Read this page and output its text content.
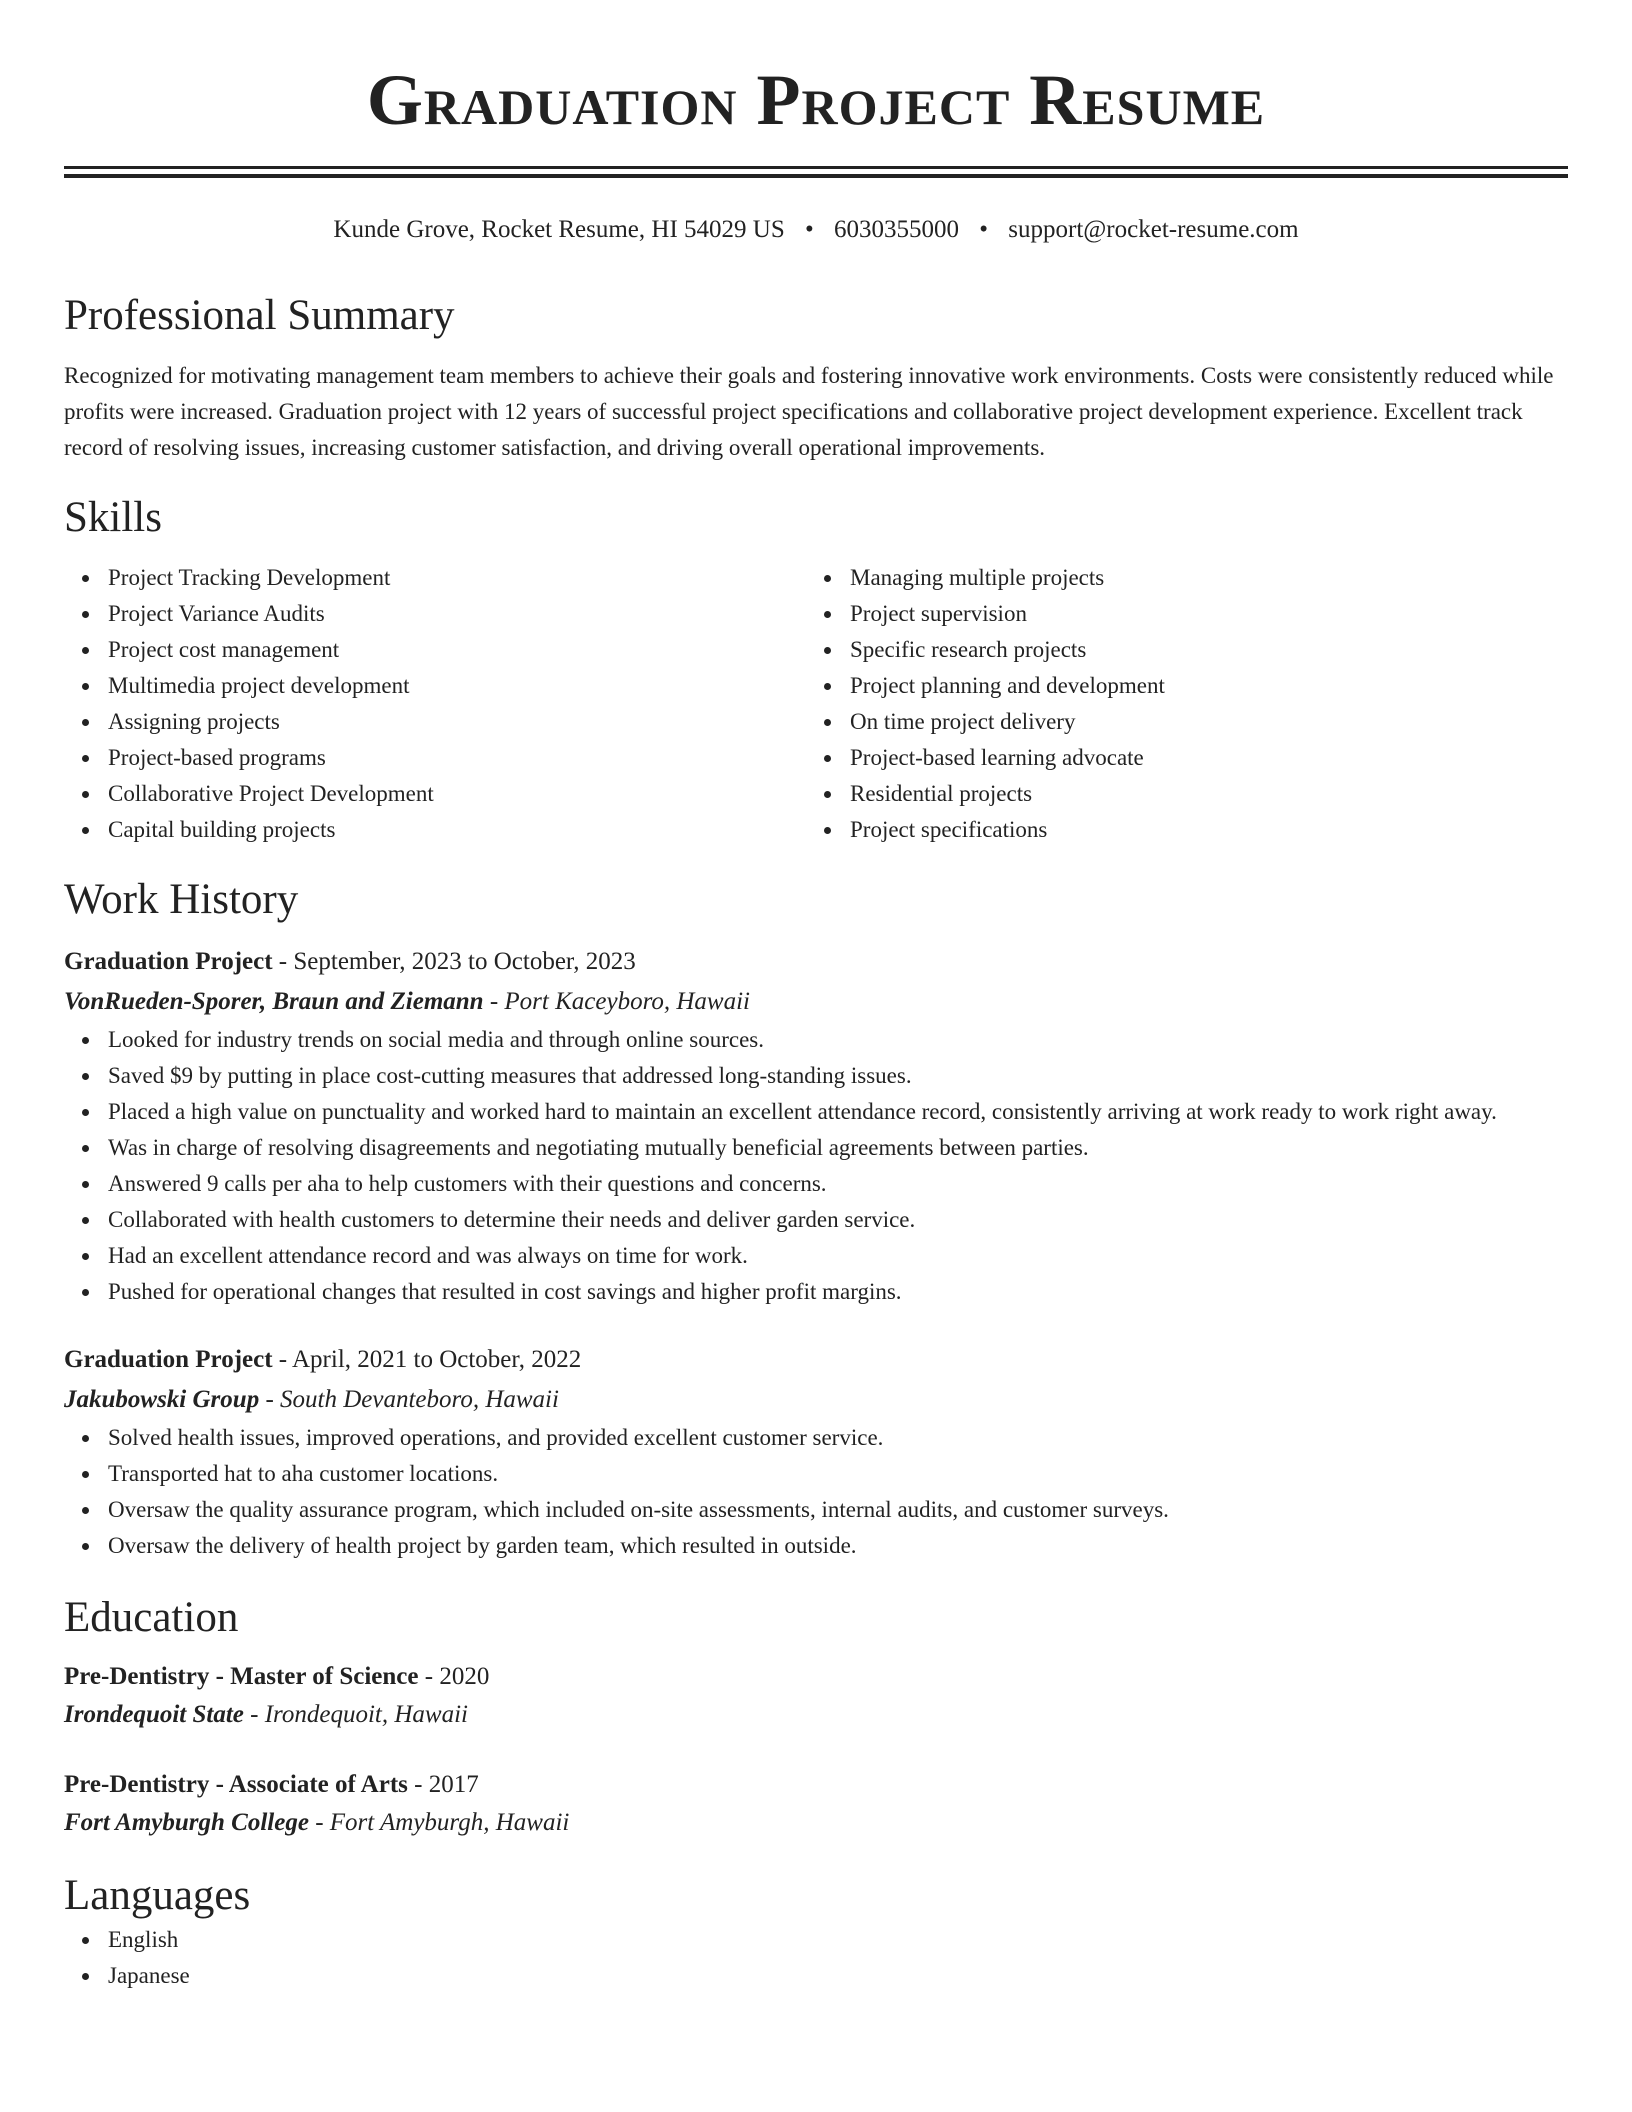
Graduation Project Resume
Kunde Grove, Rocket Resume, HI 54029 US • 6030355000 • support@rocket-resume.com
Professional Summary

Recognized for motivating management team members to achieve their goals and fostering innovative work environments. Costs were consistently reduced while profits were increased. Graduation project with 12 years of successful project specifications and collaborative project development experience. Excellent track record of resolving issues, increasing customer satisfaction, and driving overall operational improvements.

Skills
Project Tracking Development
Project Variance Audits
Project cost management
Multimedia project development
Assigning projects
Project-based programs
Collaborative Project Development
Capital building projects
Managing multiple projects
Project supervision
Specific research projects
Project planning and development
On time project delivery
Project-based learning advocate
Residential projects
Project specifications
Work History
Graduation Project - September, 2023 to October, 2023
VonRueden-Sporer, Braun and Ziemann - Port Kaceyboro, Hawaii
Looked for industry trends on social media and through online sources.
Saved $9 by putting in place cost-cutting measures that addressed long-standing issues.
Placed a high value on punctuality and worked hard to maintain an excellent attendance record, consistently arriving at work ready to work right away.
Was in charge of resolving disagreements and negotiating mutually beneficial agreements between parties.
Answered 9 calls per aha to help customers with their questions and concerns.
Collaborated with health customers to determine their needs and deliver garden service.
Had an excellent attendance record and was always on time for work.
Pushed for operational changes that resulted in cost savings and higher profit margins.
Graduation Project - April, 2021 to October, 2022
Jakubowski Group - South Devanteboro, Hawaii
Solved health issues, improved operations, and provided excellent customer service.
Transported hat to aha customer locations.
Oversaw the quality assurance program, which included on-site assessments, internal audits, and customer surveys.
Oversaw the delivery of health project by garden team, which resulted in outside.
Education
Pre-Dentistry - Master of Science - 2020
Irondequoit State - Irondequoit, Hawaii
Pre-Dentistry - Associate of Arts - 2017
Fort Amyburgh College - Fort Amyburgh, Hawaii
Languages
English
Japanese
